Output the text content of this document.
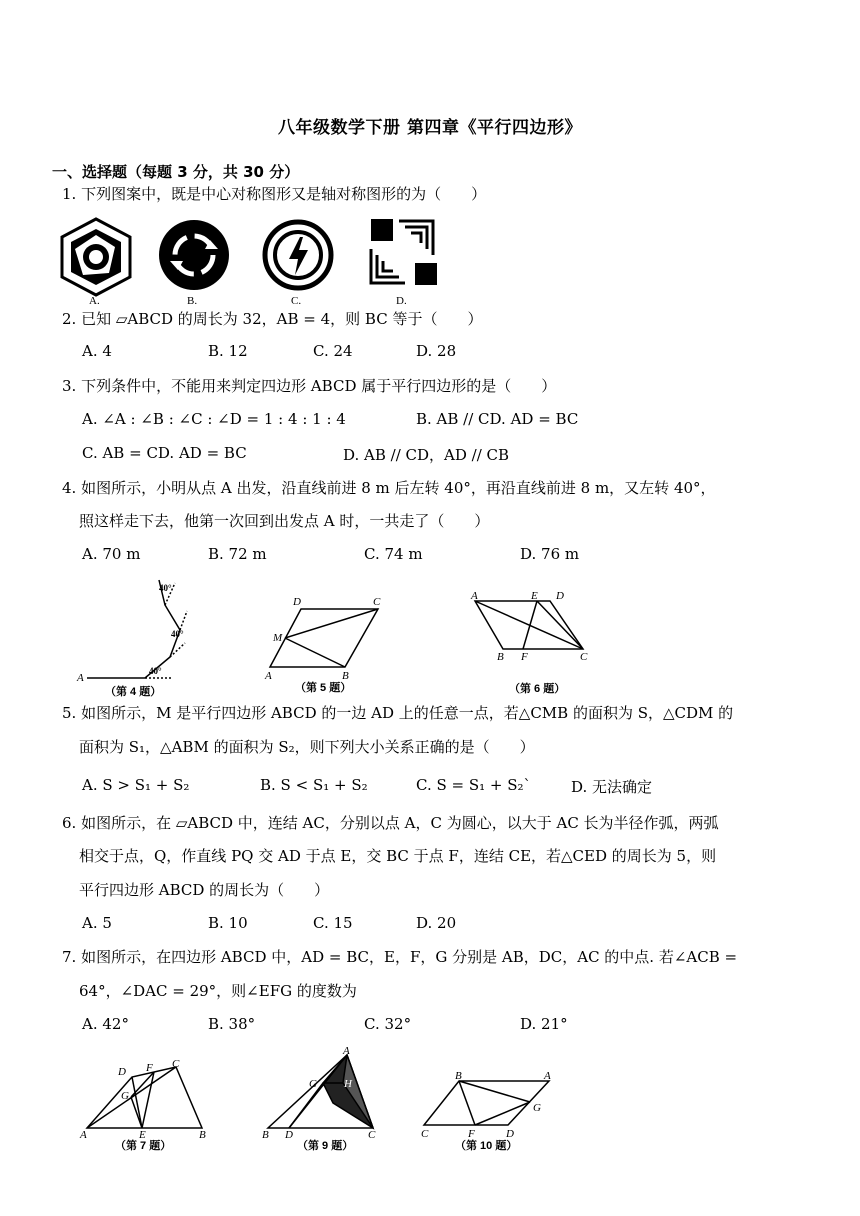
八年级数学下册 第四章《平行四边形》
一、选择题（每题 3 分，共 30 分）
1. 下列图案中，既是中心对称图形又是轴对称图形的为（　　）
A.	B.	C.	D.
2. 已知 ▱ABCD 的周长为 32，AB = 4，则 BC 等于（　　）
A. 4	B. 12	C. 24	D. 28
3. 下列条件中，不能用来判定四边形 ABCD 属于平行四边形的是（　　）
A. ∠A : ∠B : ∠C : ∠D = 1 : 4 : 1 : 4	B. AB // CD. AD = BC
C. AB = CD. AD = BC	D. AB // CD，AD // CB
4. 如图所示，小明从点 A 出发，沿直线前进 8 m 后左转 40°，再沿直线前进 8 m，又左转 40°，
照这样走下去，他第一次回到出发点 A 时，一共走了（　　）
A. 70 m	B. 72 m	C. 74 m	D. 76 m
A
40°
40°
40°
（第 4 题）
A	B
C
D
M
（第 5 题）
A
B	C
D
E
F
（第 6 题）
5. 如图所示，M 是平行四边形 ABCD 的一边 AD 上的任意一点，若△CMB 的面积为 S，△CDM 的
面积为 S₁，△ABM 的面积为 S₂，则下列大小关系正确的是（　　）
A. S > S₁ + S₂	B. S < S₁ + S₂	C. S = S₁ + S₂`	D. 无法确定
6. 如图所示，在 ▱ABCD 中，连结 AC，分别以点 A，C 为圆心，以大于 AC 长为半径作弧，两弧
相交于点，Q，作直线 PQ 交 AD 于点 E，交 BC 于点 F，连结 CE，若△CED 的周长为 5，则
平行四边形 ABCD 的周长为（　　）
A. 5	B. 10	C. 15	D. 20
7. 如图所示，在四边形 ABCD 中，AD = BC，E，F，G 分别是 AB，DC，AC 的中点. 若∠ACB =
64°，∠DAC = 29°，则∠EFG 的度数为
A. 42°	B. 38°	C. 32°	D. 21°
A	B
C
D
E
F
G
（第 7 题）
B D	C
A
G H
（第 9 题）
C	F	D
B	A
G
（第 10 题）
